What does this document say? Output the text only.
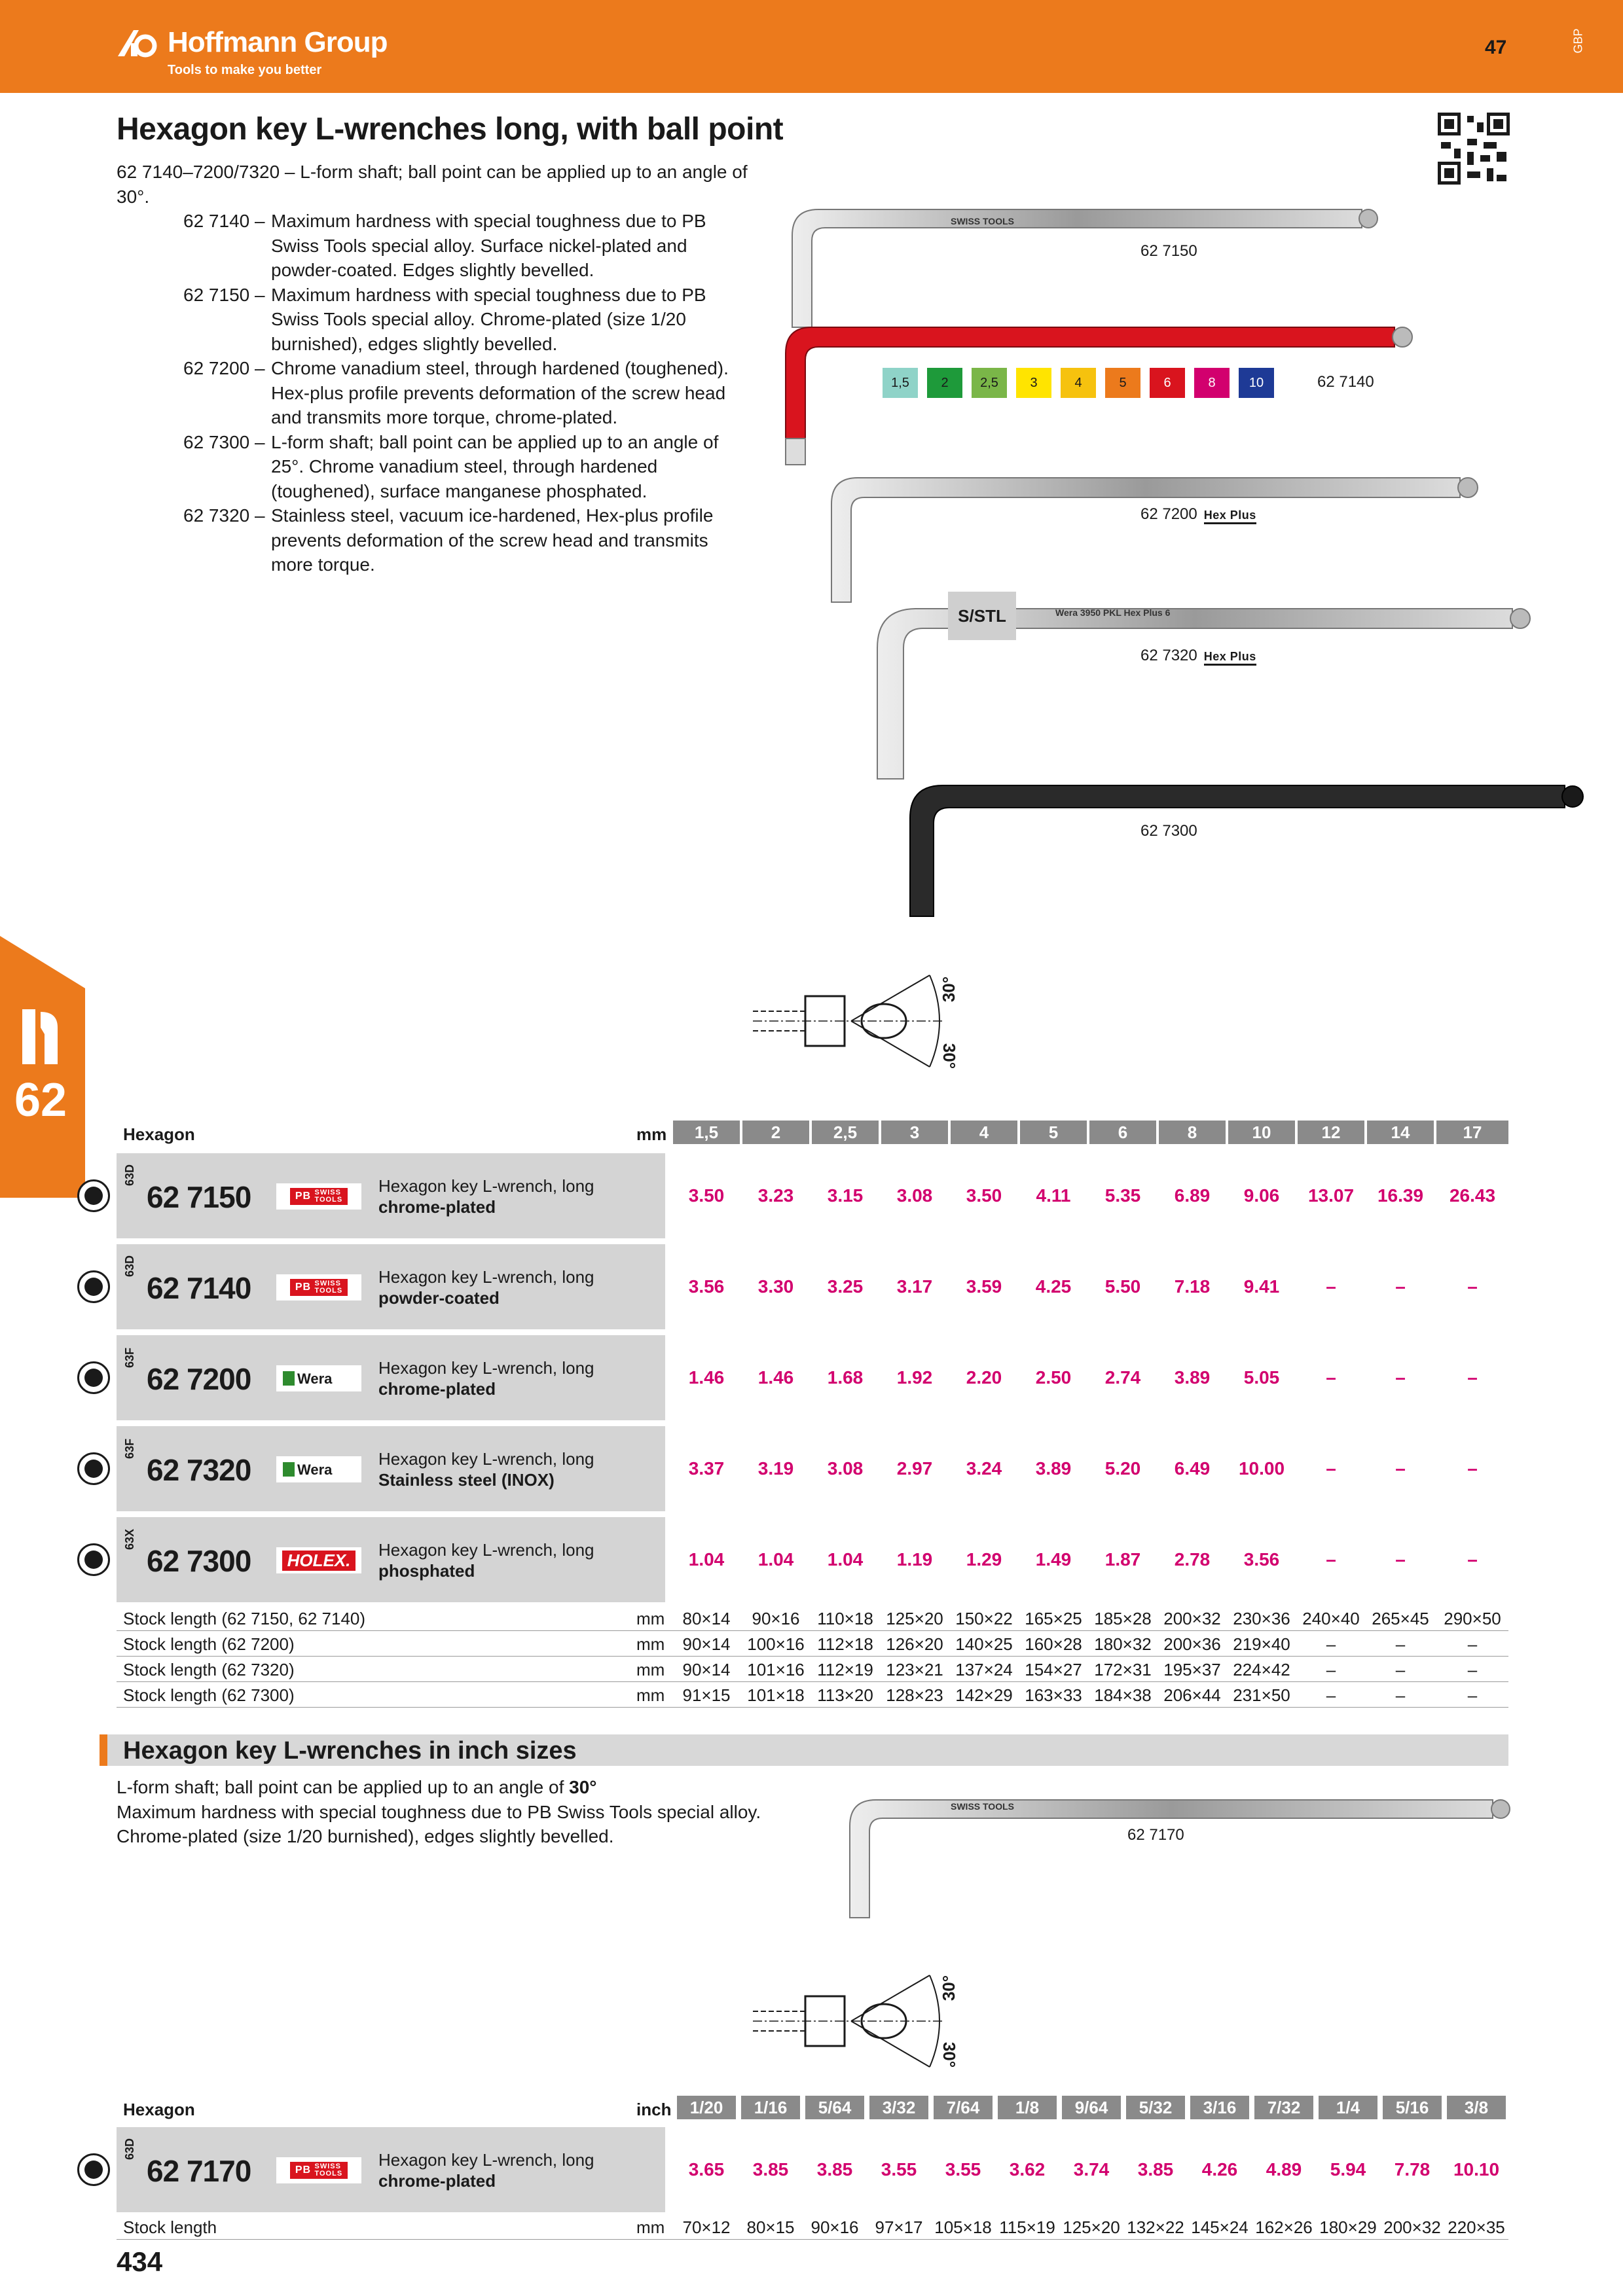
Hoffmann Group
Tools to make you better
47	GBP
Hexagon key L-wrenches long, with ball point
62 7140–7200/7320 – L-form shaft; ball point can be applied up to an angle of 30°.
62 7140 – Maximum hardness with special toughness due to PB Swiss Tools special alloy. Surface nickel-plated and powder-coated. Edges slightly bevelled.
62 7150 – Maximum hardness with special toughness due to PB Swiss Tools special alloy. Chrome-plated (size 1/20 burnished), edges slightly bevelled.
62 7200 – Chrome vanadium steel, through hardened (toughened). Hex-plus profile prevents deformation of the screw head and transmits more torque, chrome-plated.
62 7300 – L-form shaft; ball point can be applied up to an angle of 25°. Chrome vanadium steel, through hardened (toughened), surface manganese phosphated.
62 7320 – Stainless steel, vacuum ice-hardened, Hex-plus profile prevents deformation of the screw head and transmits more torque.
SWISS TOOLS
Wera 3950 PKL Hex Plus 6
62 7150
62 7140
62 7200 Hex Plus
62 7320 Hex Plus
62 7300
S/STL
1,5	2	2,5	3	4	5	6	8	10
30°
30°
62
Hexagon	mm	1,5	2	2,5	3	4	5	6	8	10	12	14	17
63D
62 7150	PB SWISS
TOOLS
Hexagon key L-wrench, long
chrome-plated
3.50	3.23	3.15	3.08	3.50	4.11	5.35	6.89	9.06	13.07	16.39	26.43
63D
62 7140	PB SWISS
TOOLS
Hexagon key L-wrench, long
powder-coated
3.56	3.30	3.25	3.17	3.59	4.25	5.50	7.18	9.41	–	–	–
63F
62 7200	Wera
Hexagon key L-wrench, long
chrome-plated
1.46	1.46	1.68	1.92	2.20	2.50	2.74	3.89	5.05	–	–	–
63F
62 7320	Wera
Hexagon key L-wrench, long
Stainless steel (INOX)
3.37	3.19	3.08	2.97	3.24	3.89	5.20	6.49	10.00	–	–	–
63X
62 7300	HOLEX.
Hexagon key L-wrench, long
phosphated
1.04	1.04	1.04	1.19	1.29	1.49	1.87	2.78	3.56	–	–	–
Stock length (62 7150, 62 7140)	mm	80×14	90×16	110×18 125×20 150×22 165×25 185×28 200×32 230×36 240×40 265×45 290×50
Stock length (62 7200)	mm	90×14 100×16 112×18 126×20 140×25 160×28 180×32 200×36 219×40	–	–	–
Stock length (62 7320)	mm	90×14 101×16 112×19 123×21 137×24 154×27 172×31 195×37 224×42	–	–	–
Stock length (62 7300)	mm	91×15 101×18 113×20 128×23 142×29 163×33 184×38 206×44 231×50	–	–	–
Hexagon key L-wrenches in inch sizes
L-form shaft; ball point can be applied up to an angle of 30°
Maximum hardness with special toughness due to PB Swiss Tools special alloy. Chrome-plated (size 1/20 burnished), edges slightly bevelled.
SWISS TOOLS
62 7170
30°
30°
Hexagon	inch	1/20	1/16	5/64	3/32	7/64	1/8	9/64	5/32	3/16	7/32	1/4	5/16	3/8
63D
62 7170	PB SWISS
TOOLS
Hexagon key L-wrench, long
chrome-plated
3.65	3.85	3.85	3.55	3.55	3.62	3.74	3.85	4.26	4.89	5.94	7.78	10.10
Stock length	mm	70×12 80×15 90×16 97×17 105×18 115×19 125×20 132×22 145×24 162×26 180×29 200×32 220×35
434
